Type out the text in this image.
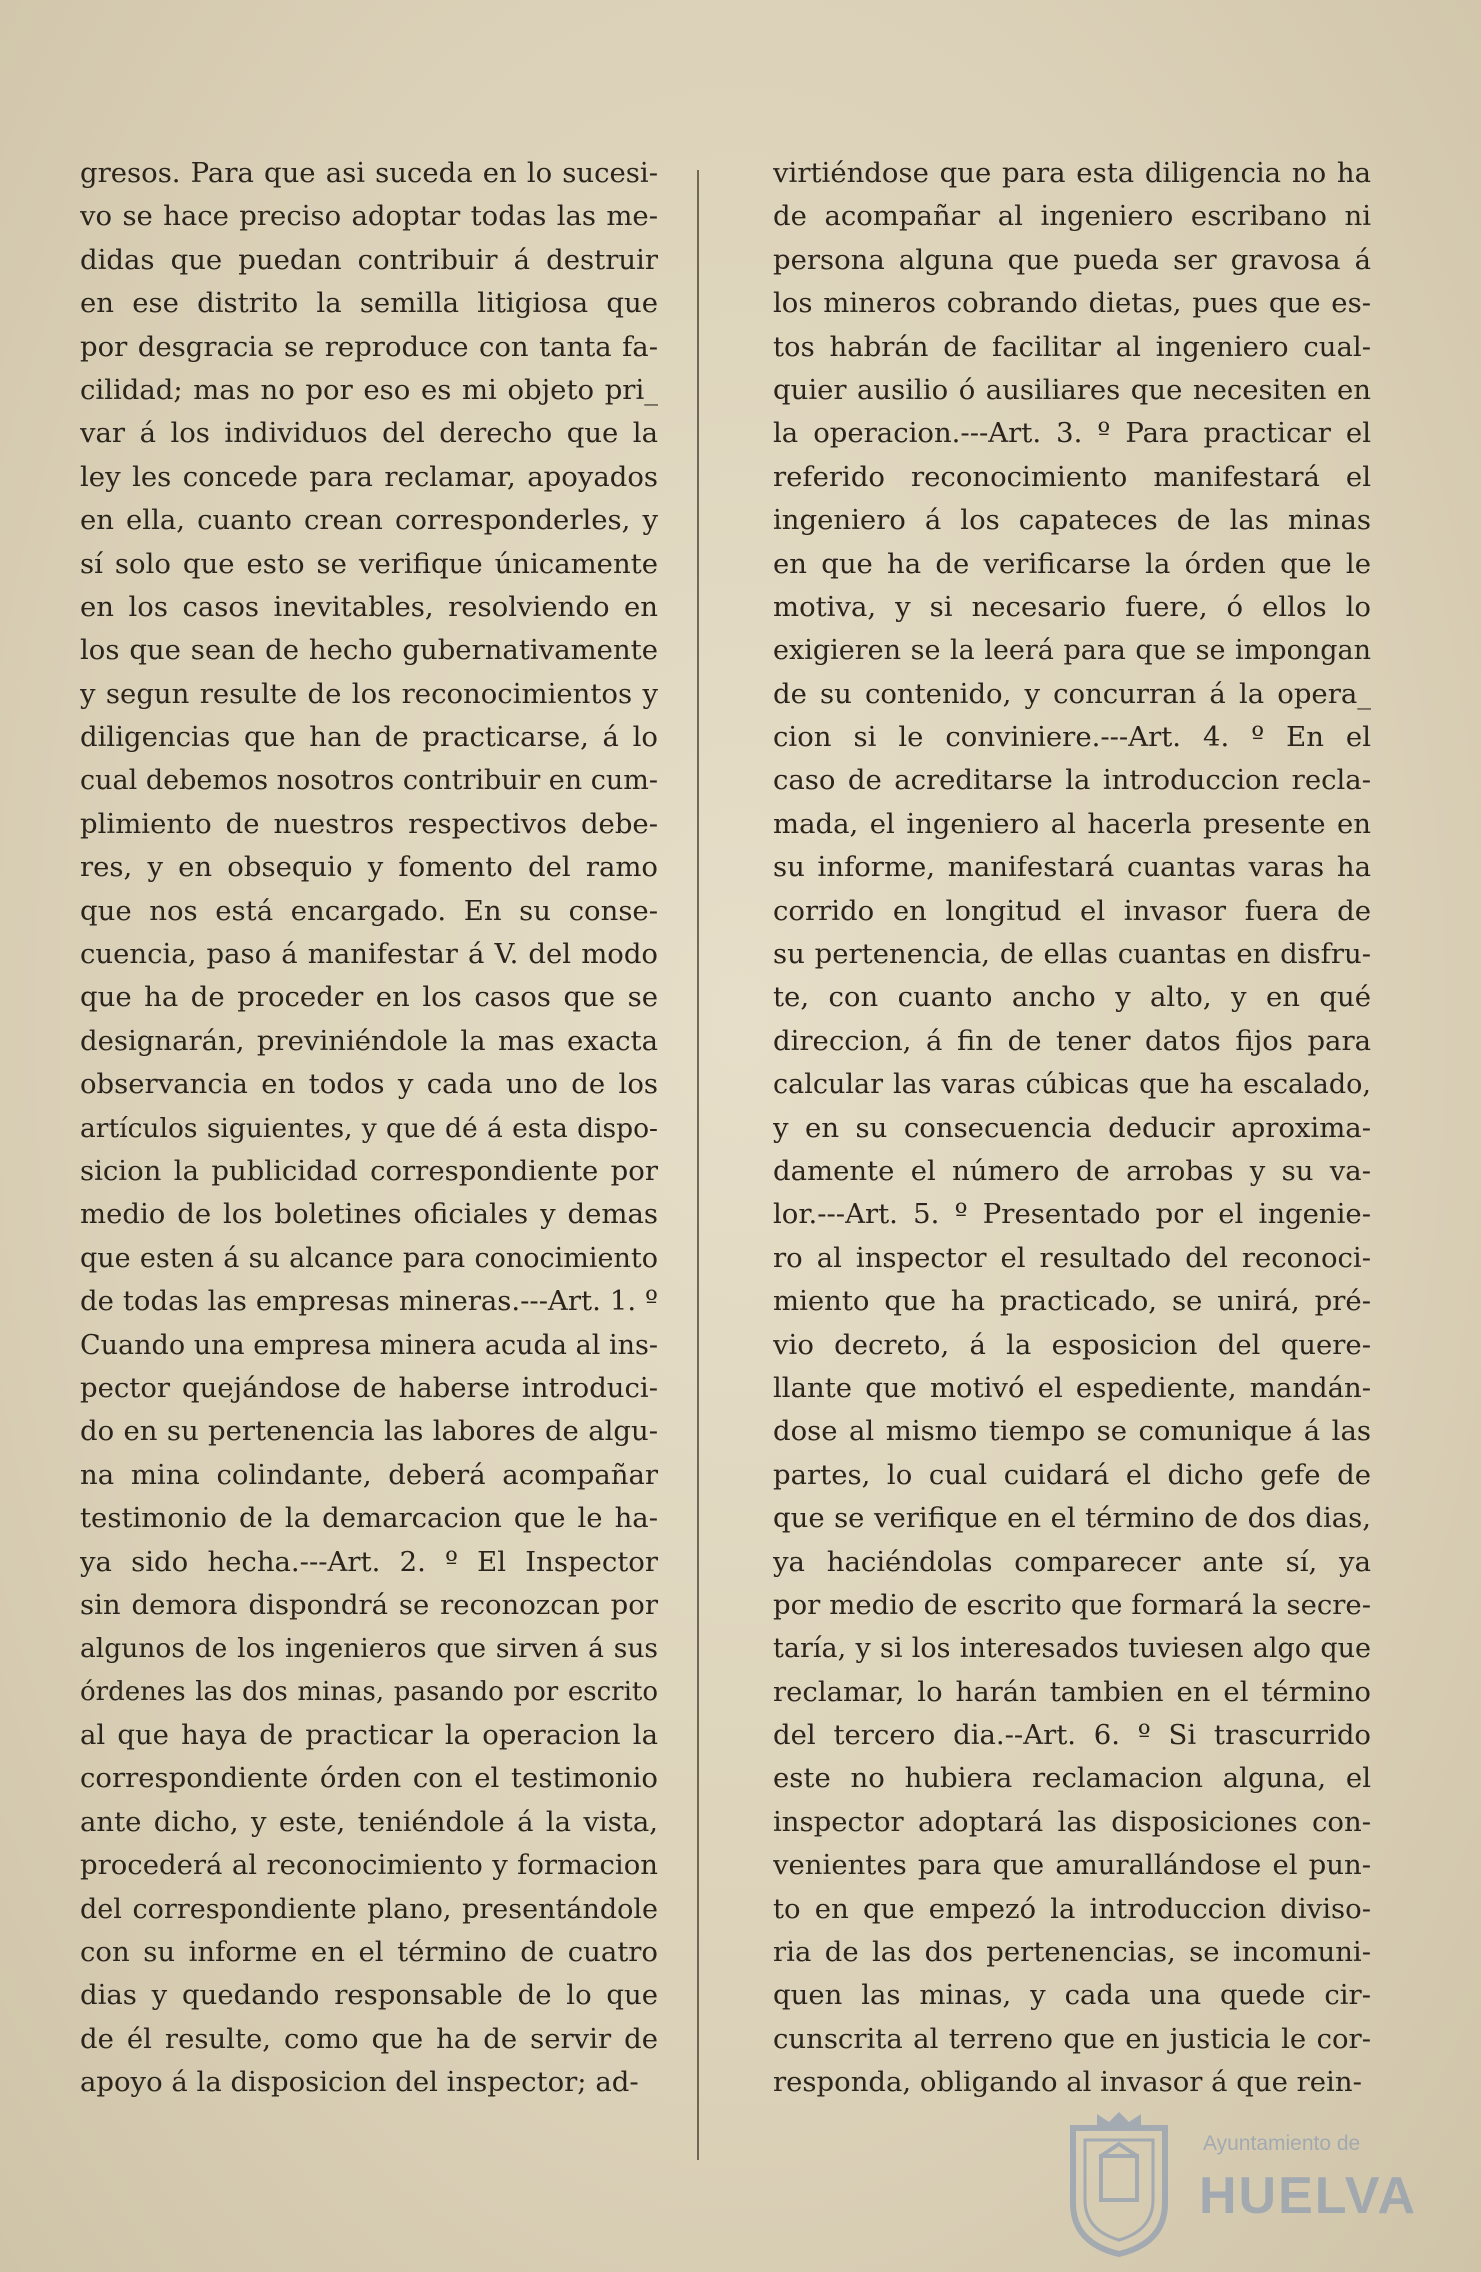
gresos. Para que asi suceda en lo sucesi-
vo se hace preciso adoptar todas las me-
didas que puedan contribuir á destruir
en ese distrito la semilla litigiosa que
por desgracia se reproduce con tanta fa-
cilidad; mas no por eso es mi objeto pri_
var á los individuos del derecho que la
ley les concede para reclamar, apoyados
en ella, cuanto crean corresponderles, y
sí solo que esto se verifique únicamente
en los casos inevitables, resolviendo en
los que sean de hecho gubernativamente
y segun resulte de los reconocimientos y
diligencias que han de practicarse, á lo
cual debemos nosotros contribuir en cum-
plimiento de nuestros respectivos debe-
res, y en obsequio y fomento del ramo
que nos está encargado. En su conse-
cuencia, paso á manifestar á V. del modo
que ha de proceder en los casos que se
designarán, previniéndole la mas exacta
observancia en todos y cada uno de los
artículos siguientes, y que dé á esta dispo-
sicion la publicidad correspondiente por
medio de los boletines oficiales y demas
que esten á su alcance para conocimiento
de todas las empresas mineras.---Art. 1. º
Cuando una empresa minera acuda al ins-
pector quejándose de haberse introduci-
do en su pertenencia las labores de algu-
na mina colindante, deberá acompañar
testimonio de la demarcacion que le ha-
ya sido hecha.---Art. 2. º El Inspector
sin demora dispondrá se reconozcan por
algunos de los ingenieros que sirven á sus
órdenes las dos minas, pasando por escrito
al que haya de practicar la operacion la
correspondiente órden con el testimonio
ante dicho, y este, teniéndole á la vista,
procederá al reconocimiento y formacion
del correspondiente plano, presentándole
con su informe en el término de cuatro
dias y quedando responsable de lo que
de él resulte, como que ha de servir de
apoyo á la disposicion del inspector; ad-
virtiéndose que para esta diligencia no ha
de acompañar al ingeniero escribano ni
persona alguna que pueda ser gravosa á
los mineros cobrando dietas, pues que es-
tos habrán de facilitar al ingeniero cual-
quier ausilio ó ausiliares que necesiten en
la operacion.---Art. 3. º Para practicar el
referido reconocimiento manifestará el
ingeniero á los capateces de las minas
en que ha de verificarse la órden que le
motiva, y si necesario fuere, ó ellos lo
exigieren se la leerá para que se impongan
de su contenido, y concurran á la opera_
cion si le conviniere.---Art. 4. º En el
caso de acreditarse la introduccion recla-
mada, el ingeniero al hacerla presente en
su informe, manifestará cuantas varas ha
corrido en longitud el invasor fuera de
su pertenencia, de ellas cuantas en disfru-
te, con cuanto ancho y alto, y en qué
direccion, á fin de tener datos fijos para
calcular las varas cúbicas que ha escalado,
y en su consecuencia deducir aproxima-
damente el número de arrobas y su va-
lor.---Art. 5. º Presentado por el ingenie-
ro al inspector el resultado del reconoci-
miento que ha practicado, se unirá, pré-
vio decreto, á la esposicion del quere-
llante que motivó el espediente, mandán-
dose al mismo tiempo se comunique á las
partes, lo cual cuidará el dicho gefe de
que se verifique en el término de dos dias,
ya haciéndolas comparecer ante sí, ya
por medio de escrito que formará la secre-
taría, y si los interesados tuviesen algo que
reclamar, lo harán tambien en el término
del tercero dia.--Art. 6. º Si trascurrido
este no hubiera reclamacion alguna, el
inspector adoptará las disposiciones con-
venientes para que amurallándose el pun-
to en que empezó la introduccion diviso-
ria de las dos pertenencias, se incomuni-
quen las minas, y cada una quede cir-
cunscrita al terreno que en justicia le cor-
responda, obligando al invasor á que rein-
Ayuntamiento de
HUELVA
